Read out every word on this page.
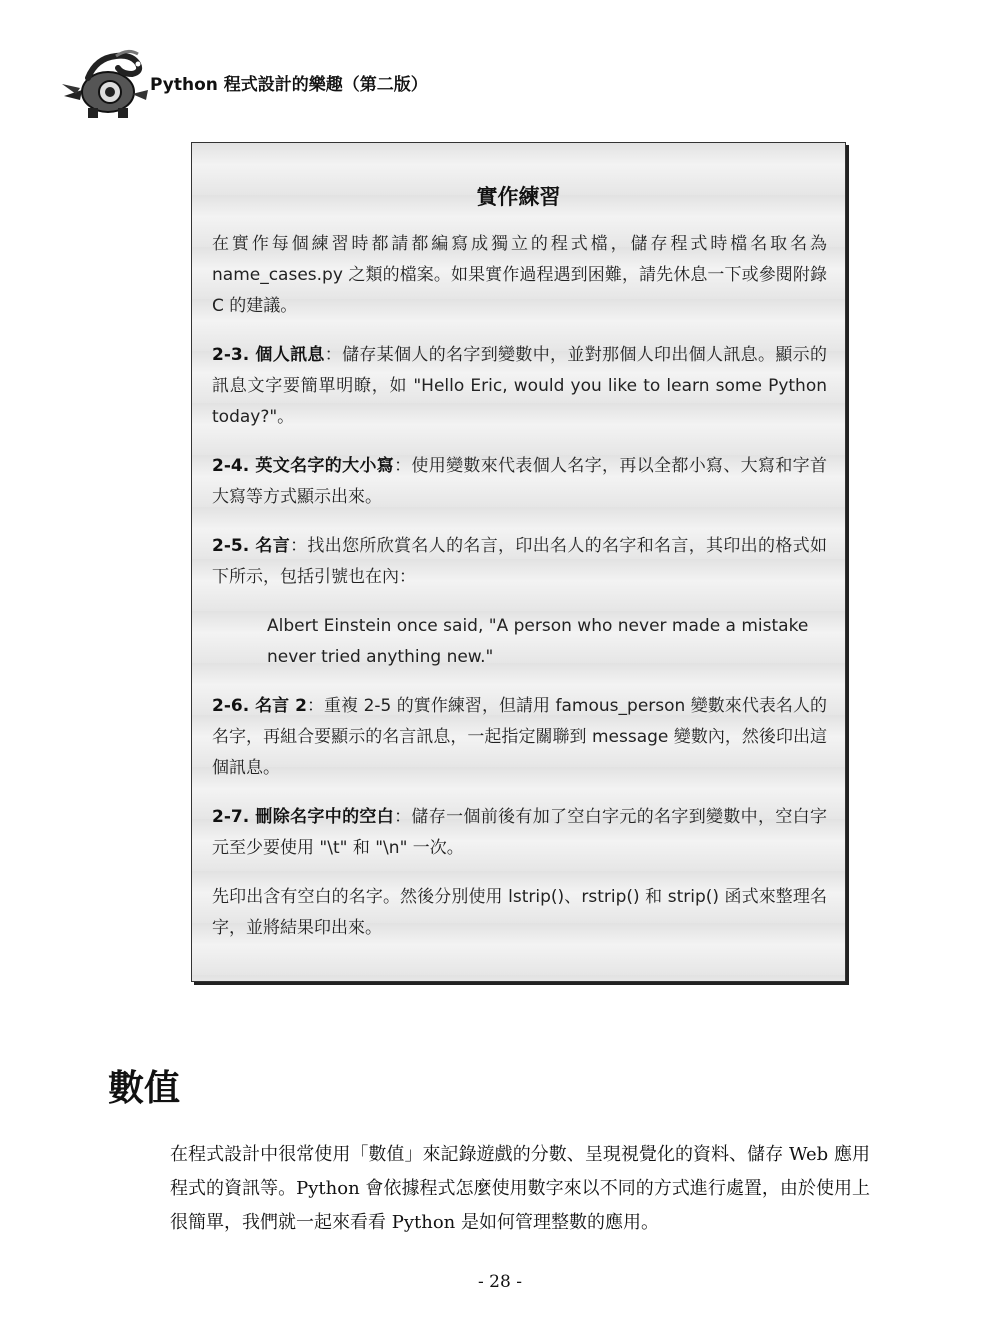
Python 程式設計的樂趣（第二版）
實作練習

在實作每個練習時都請都編寫成獨立的程式檔，儲存程式時檔名取名為 name_cases.py 之類的檔案。如果實作過程遇到困難，請先休息一下或參閱附錄 C 的建議。

2-3. 個人訊息：儲存某個人的名字到變數中，並對那個人印出個人訊息。顯示的訊息文字要簡單明瞭，如 "Hello Eric, would you like to learn some Python today?"。

2-4. 英文名字的大小寫：使用變數來代表個人名字，再以全都小寫、大寫和字首大寫等方式顯示出來。

2-5. 名言：找出您所欣賞名人的名言，印出名人的名字和名言，其印出的格式如下所示，包括引號也在內：

Albert Einstein once said, "A person who never made a mistake never tried anything new."

2-6. 名言 2：重複 2-5 的實作練習，但請用 famous_person 變數來代表名人的名字，再組合要顯示的名言訊息，一起指定關聯到 message 變數內，然後印出這個訊息。

2-7. 刪除名字中的空白：儲存一個前後有加了空白字元的名字到變數中，空白字元至少要使用 "\t" 和 "\n" 一次。

先印出含有空白的名字。然後分別使用 lstrip()、rstrip() 和 strip() 函式來整理名字，並將結果印出來。

數值

在程式設計中很常使用「數值」來記錄遊戲的分數、呈現視覺化的資料、儲存 Web 應用程式的資訊等。Python 會依據程式怎麼使用數字來以不同的方式進行處置，由於使用上很簡單，我們就一起來看看 Python 是如何管理整數的應用。

- 28 -
